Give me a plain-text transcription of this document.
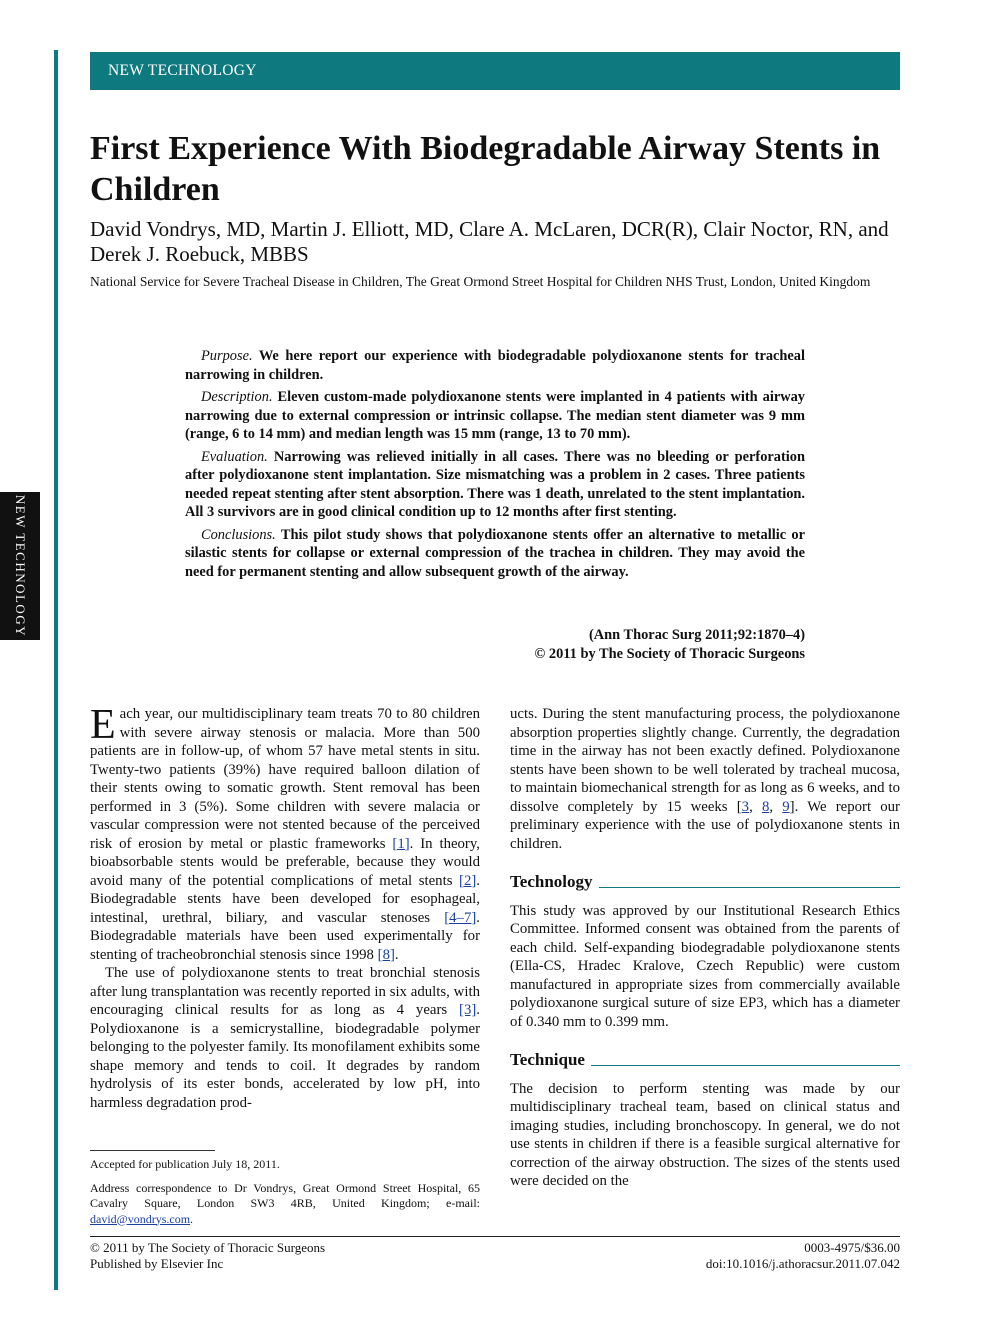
NEW TECHNOLOGY
NEW TECHNOLOGY
First Experience With Biodegradable Airway Stents in Children
David Vondrys, MD, Martin J. Elliott, MD, Clare A. McLaren, DCR(R), Clair Noctor, RN, and Derek J. Roebuck, MBBS
National Service for Severe Tracheal Disease in Children, The Great Ormond Street Hospital for Children NHS Trust, London, United Kingdom

Purpose. We here report our experience with biodegradable polydioxanone stents for tracheal narrowing in children.

Description. Eleven custom-made polydioxanone stents were implanted in 4 patients with airway narrowing due to external compression or intrinsic collapse. The median stent diameter was 9 mm (range, 6 to 14 mm) and median length was 15 mm (range, 13 to 70 mm).

Evaluation. Narrowing was relieved initially in all cases. There was no bleeding or perforation after polydioxanone stent implantation. Size mismatching was a problem in 2 cases. Three patients needed repeat stenting after stent absorption. There was 1 death, unrelated to the stent implantation. All 3 survivors are in good clinical condition up to 12 months after first stenting.

Conclusions. This pilot study shows that polydioxanone stents offer an alternative to metallic or silastic stents for collapse or external compression of the trachea in children. They may avoid the need for permanent stenting and allow subsequent growth of the airway.

(Ann Thorac Surg 2011;92:1870–4)
© 2011 by The Society of Thoracic Surgeons

Each year, our multidisciplinary team treats 70 to 80 children with severe airway stenosis or malacia. More than 500 patients are in follow-up, of whom 57 have metal stents in situ. Twenty-two patients (39%) have required balloon dilation of their stents owing to somatic growth. Stent removal has been performed in 3 (5%). Some children with severe malacia or vascular compression were not stented because of the perceived risk of erosion by metal or plastic frameworks [1]. In theory, bioabsorbable stents would be preferable, because they would avoid many of the potential complications of metal stents [2]. Biodegradable stents have been developed for esophageal, intestinal, urethral, biliary, and vascular stenoses [4–7]. Biodegradable materials have been used experimentally for stenting of tracheobronchial stenosis since 1998 [8].

The use of polydioxanone stents to treat bronchial stenosis after lung transplantation was recently reported in six adults, with encouraging clinical results for as long as 4 years [3]. Polydioxanone is a semicrystalline, biodegradable polymer belonging to the polyester family. Its monofilament exhibits some shape memory and tends to coil. It degrades by random hydrolysis of its ester bonds, accelerated by low pH, into harmless degradation prod-

ucts. During the stent manufacturing process, the polydioxanone absorption properties slightly change. Currently, the degradation time in the airway has not been exactly defined. Polydioxanone stents have been shown to be well tolerated by tracheal mucosa, to maintain biomechanical strength for as long as 6 weeks, and to dissolve completely by 15 weeks [3, 8, 9]. We report our preliminary experience with the use of polydioxanone stents in children.

Technology

This study was approved by our Institutional Research Ethics Committee. Informed consent was obtained from the parents of each child. Self-expanding biodegradable polydioxanone stents (Ella-CS, Hradec Kralove, Czech Republic) were custom manufactured in appropriate sizes from commercially available polydioxanone surgical suture of size EP3, which has a diameter of 0.340 mm to 0.399 mm.

Technique

The decision to perform stenting was made by our multidisciplinary tracheal team, based on clinical status and imaging studies, including bronchoscopy. In general, we do not use stents in children if there is a feasible surgical alternative for correction of the airway obstruction. The sizes of the stents used were decided on the

Accepted for publication July 18, 2011.

Address correspondence to Dr Vondrys, Great Ormond Street Hospital, 65 Cavalry Square, London SW3 4RB, United Kingdom; e-mail: david@vondrys.com.

© 2011 by The Society of Thoracic Surgeons
Published by Elsevier Inc
0003-4975/$36.00
doi:10.1016/j.athoracsur.2011.07.042
